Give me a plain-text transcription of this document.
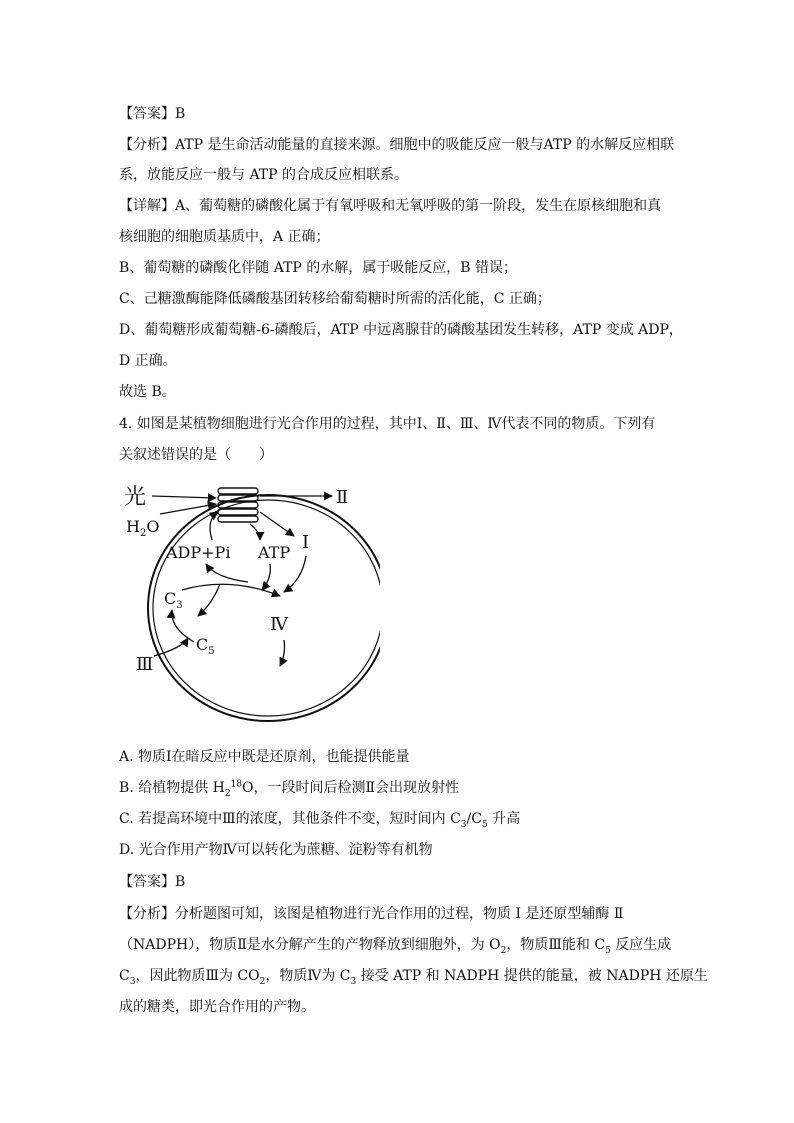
【答案】B
【分析】ATP 是生命活动能量的直接来源。细胞中的吸能反应一般与ATP 的水解反应相联
系，放能反应一般与 ATP 的合成反应相联系。
【详解】A、葡萄糖的磷酸化属于有氧呼吸和无氧呼吸的第一阶段，发生在原核细胞和真
核细胞的细胞质基质中，A 正确；
B、葡萄糖的磷酸化伴随 ATP 的水解，属于吸能反应，B 错误；
C、己糖激酶能降低磷酸基团转移给葡萄糖时所需的活化能，C 正确；
D、葡萄糖形成葡萄糖-6-磷酸后，ATP 中远离腺苷的磷酸基团发生转移，ATP 变成 ADP，
D 正确。
故选 B。
4. 如图是某植物细胞进行光合作用的过程，其中Ⅰ、Ⅱ、Ⅲ、Ⅳ代表不同的物质。下列有
关叙述错误的是（　　）
光
$H_2O$
Ⅱ
I
ADP+Pi ATP
$C_3$
$C_5$
Ⅲ
Ⅳ
A. 物质Ⅰ在暗反应中既是还原剂，也能提供能量
B. 给植物提供 $H_2^{18}O$，一段时间后检测Ⅱ会出现放射性
C. 若提高环境中Ⅲ的浓度，其他条件不变，短时间内 $C_3/C_5$ 升高
D. 光合作用产物Ⅳ可以转化为蔗糖、淀粉等有机物
【答案】B
【分析】分析题图可知，该图是植物进行光合作用的过程，物质 Ⅰ 是还原型辅酶 Ⅱ
（NADPH），物质Ⅱ是水分解产生的产物释放到细胞外，为 $O_2$，物质Ⅲ能和 $C_5$ 反应生成
$C_3$，因此物质Ⅲ为 $CO_2$，物质Ⅳ为 $C_3$ 接受 ATP 和 NADPH 提供的能量，被 NADPH 还原生
成的糖类，即光合作用的产物。
